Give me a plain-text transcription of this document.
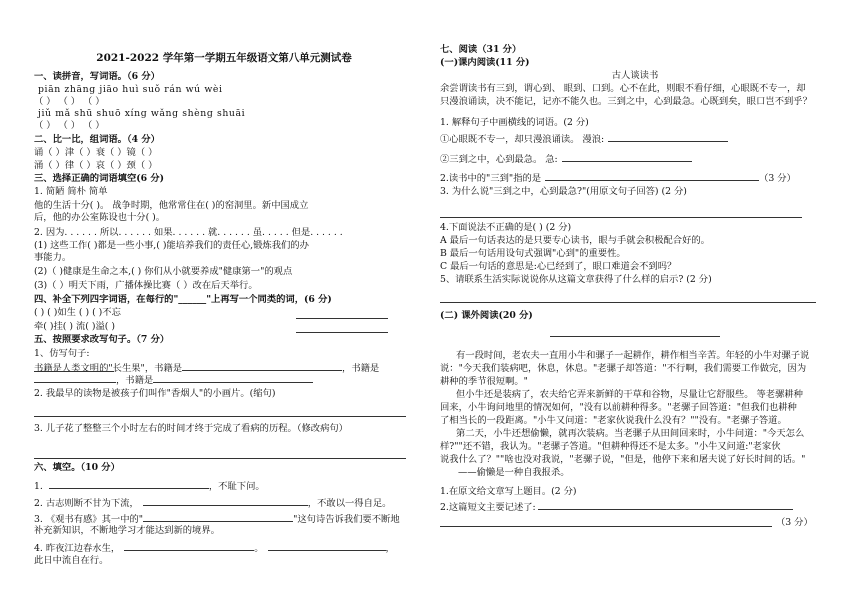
2021-2022 学年第一学期五年级语文第八单元测试卷
一、读拼音，写词语。（6 分）
piān zhāng jiāo huì suǒ rán wú wèi
（ ） （ ） （ ）
jiǔ mǎ shū shuō xíng wǎng shèng shuāi
（ ） （ ） （ ）
二、比一比，组词语。（4 分）
诵（ ）津（ ）衰（ ）镜（ ）
涌（ ）律（ ）哀（ ）颈（ ）
三、选择正确的词语填空(6 分)
1. 简陋 简朴 简单
他的生活十分( )。 战争时期，他常常住在( )的窑洞里。新中国成立
后，他的办公室陈设也十分( )。
2. 因为. . . . . . 所以. . . . . . 如果. . . . . . 就. . . . . . 虽. . . . . 但是. . . . . .
(1) 这些工作( )都是一些小事,( )能培养我们的责任心,锻炼我们的办
事能力。
(2)（ )健康是生命之本,( ) 你们从小就要养成"健康第一"的观点
(3)（ ）明天下雨，广播体操比赛（ ）改在后天举行。
四、补全下列四字词语，在每行的"______"上再写一个同类的词，(6 分)
( ) ( )如生 ( ) ( )不忘
牵( )挂( ) 流( )溢( )
五、按照要求改写句子。（7 分）
1、仿写句子:
书籍是人类文明的"长生果"，书籍是	，书籍是
，书籍是
2. 我最早的读物是被孩子们叫作"香烟人"的小画片。(缩句)
3. 儿子花了整整三个小时左右的时间才终于完成了看病的历程。（修改病句）
六、填空。（10 分）
1.	，不耻下问。
2. 古志则断不甘为下流，	，不敢以一得自足。
3. 《观书有感》其一中的"	"这句诗告诉我们要不断地
补充新知识，不断地学习才能达到新的境界。
4. 昨夜江边春水生，	。	，
此日中流自在行。
七、阅读（31 分）
(一)课内阅读(11 分)
古人谈读书
余尝谓读书有三到，谓心到、 眼到、口到。心不在此，则眼不看仔细，心眼既不专一，却
只漫浪诵读，决不能记，记亦不能久也。三到之中，心到最急。心既到矣，眼口岂不到乎？
1. 解释句子中画横线的词语。(2 分)
①心眼既不专一，却只漫浪诵读。 漫浪:
②三到之中，心到最急。 急:
2.读书中的"三到"指的是	（3 分）
3. 为什么说"三到之中，心到最急?"(用原文句子回答) (2 分)
4.下面说法不正确的是( ) (2 分)
A 最后一句话表达的是只要专心读书，眼与手就会积极配合好的。
B 最后一句话用设句式强调"心到"的重要性。
C 最后一句话的意思是:心已经到了，眼口难道会不到吗？
5、请联系生活实际说说你从这篇文章获得了什么样的启示? (2 分)
(二) 课外阅读(20 分)
有一段时间，老农夫一直用小牛和骡子一起耕作，耕作相当辛苦。年轻的小牛对骡子说
说："今天我们装病吧，休息，休息。"老骡子却答道："不行啊，我们需要工作做完，因为
耕种的季节很短啊。"
但小牛还是装病了，农夫给它弄来新鲜的干草和谷物，尽量让它舒服些。 等老骡耕种
回来，小牛询问地里的情况如何，"没有以前耕种得多。"老骡子回答道："但我们也耕种
了相当长的一段距离。"小牛又问道："老家伙说我什么没有？""没有。"老骡子答道。
第二天，小牛还想偷懒，就再次装病。当老骡子从田间回来时，小牛问道："今天怎么
样?""还不错，我认为。"老骡子答道。"但耕种得还不是太多。"小牛又问道:"老家伙
说我什么了？""啥也没对我说，"老骡子说，"但是，他停下来和屠夫说了好长时间的话。"
——偷懒是一种自我报杀。
1.在原文给文章写上题目。(2 分)
2.这篇短文主要记述了:
（3 分）
